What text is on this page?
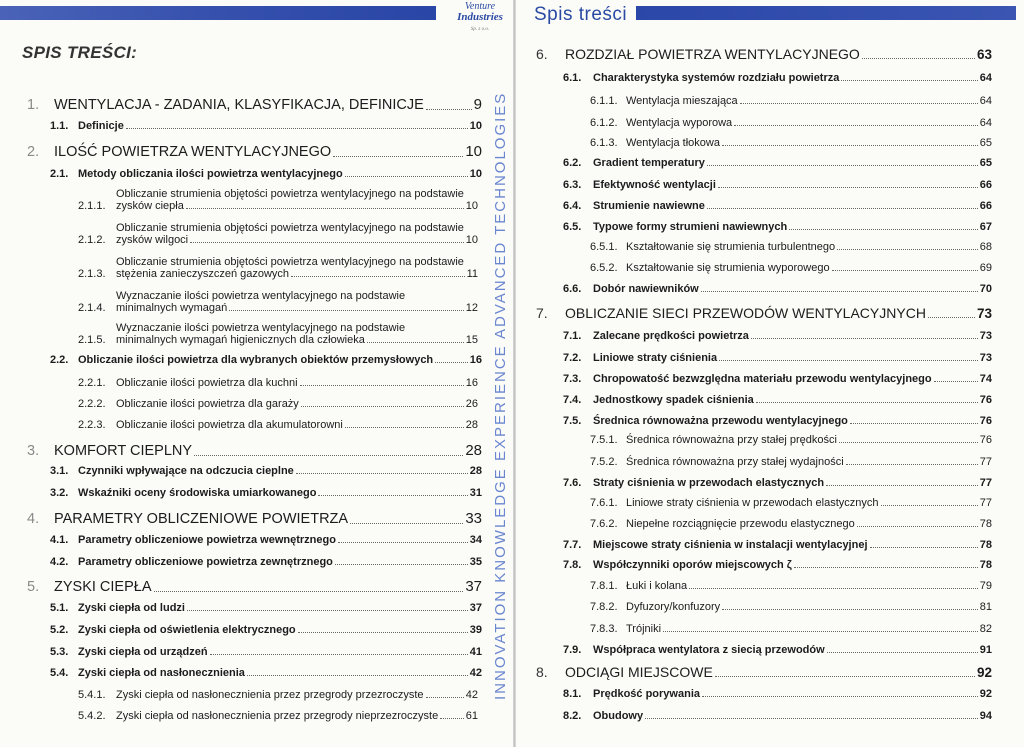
Venture
Industries
Sp. z o.o.
Spis treści
INNOVATION KNOWLEDGE EXPERIENCE ADVANCED TECHNOLOGIES
SPIS TREŚCI:
1.	WENTYLACJA - ZADANIA, KLASYFIKACJA, DEFINICJE	9
1.1. Definicje	10
2.	ILOŚĆ POWIETRZA WENTYLACYJNEGO	10
2.1. Metody obliczania ilości powietrza wentylacyjnego	10
2.1.1.
Obliczanie strumienia objętości powietrza wentylacyjnego na podstawie
zysków ciepła	10
2.1.2.
Obliczanie strumienia objętości powietrza wentylacyjnego na podstawie
zysków wilgoci	10
2.1.3.
Obliczanie strumienia objętości powietrza wentylacyjnego na podstawie
stężenia zanieczyszczeń gazowych	11
2.1.4.
Wyznaczanie ilości powietrza wentylacyjnego na podstawie
minimalnych wymagań	12
2.1.5.
Wyznaczanie ilości powietrza wentylacyjnego na podstawie
minimalnych wymagań higienicznych dla człowieka	15
2.2. Obliczanie ilości powietrza dla wybranych obiektów przemysłowych	16
2.2.1. Obliczanie ilości powietrza dla kuchni	16
2.2.2. Obliczanie ilości powietrza dla garaży	26
2.2.3. Obliczanie ilości powietrza dla akumulatorowni	28
3.	KOMFORT CIEPLNY	28
3.1. Czynniki wpływające na odczucia cieplne	28
3.2. Wskaźniki oceny środowiska umiarkowanego	31
4.	PARAMETRY OBLICZENIOWE POWIETRZA	33
4.1. Parametry obliczeniowe powietrza wewnętrznego	34
4.2. Parametry obliczeniowe powietrza zewnętrznego	35
5.	ZYSKI CIEPŁA	37
5.1. Zyski ciepła od ludzi	37
5.2. Zyski ciepła od oświetlenia elektrycznego	39
5.3. Zyski ciepła od urządzeń	41
5.4. Zyski ciepła od nasłonecznienia	42
5.4.1. Zyski ciepła od nasłonecznienia przez przegrody przezroczyste	42
5.4.2. Zyski ciepła od nasłonecznienia przez przegrody nieprzezroczyste	61
6.	ROZDZIAŁ POWIETRZA WENTYLACYJNEGO	63
6.1.	Charakterystyka systemów rozdziału powietrza	64
6.1.1. Wentylacja mieszająca	64
6.1.2. Wentylacja wyporowa	64
6.1.3. Wentylacja tłokowa	65
6.2.	Gradient temperatury	65
6.3.	Efektywność wentylacji	66
6.4.	Strumienie nawiewne	66
6.5.	Typowe formy strumieni nawiewnych	67
6.5.1. Kształtowanie się strumienia turbulentnego	68
6.5.2. Kształtowanie się strumienia wyporowego	69
6.6.	Dobór nawiewników	70
7.	OBLICZANIE SIECI PRZEWODÓW WENTYLACYJNYCH	73
7.1.	Zalecane prędkości powietrza	73
7.2.	Liniowe straty ciśnienia	73
7.3.	Chropowatość bezwzględna materiału przewodu wentylacyjnego	74
7.4.	Jednostkowy spadek ciśnienia	76
7.5.	Średnica równoważna przewodu wentylacyjnego	76
7.5.1. Średnica równoważna przy stałej prędkości	76
7.5.2. Średnica równoważna przy stałej wydajności	77
7.6.	Straty ciśnienia w przewodach elastycznych	77
7.6.1. Liniowe straty ciśnienia w przewodach elastycznych	77
7.6.2. Niepełne rozciągnięcie przewodu elastycznego	78
7.7.	Miejscowe straty ciśnienia w instalacji wentylacyjnej	78
7.8.	Współczynniki oporów miejscowych ζ	78
7.8.1. Łuki i kolana	79
7.8.2. Dyfuzory/konfuzory	81
7.8.3. Trójniki	82
7.9.	Współpraca wentylatora z siecią przewodów	91
8.	ODCIĄGI MIEJSCOWE	92
8.1.	Prędkość porywania	92
8.2.	Obudowy	94
